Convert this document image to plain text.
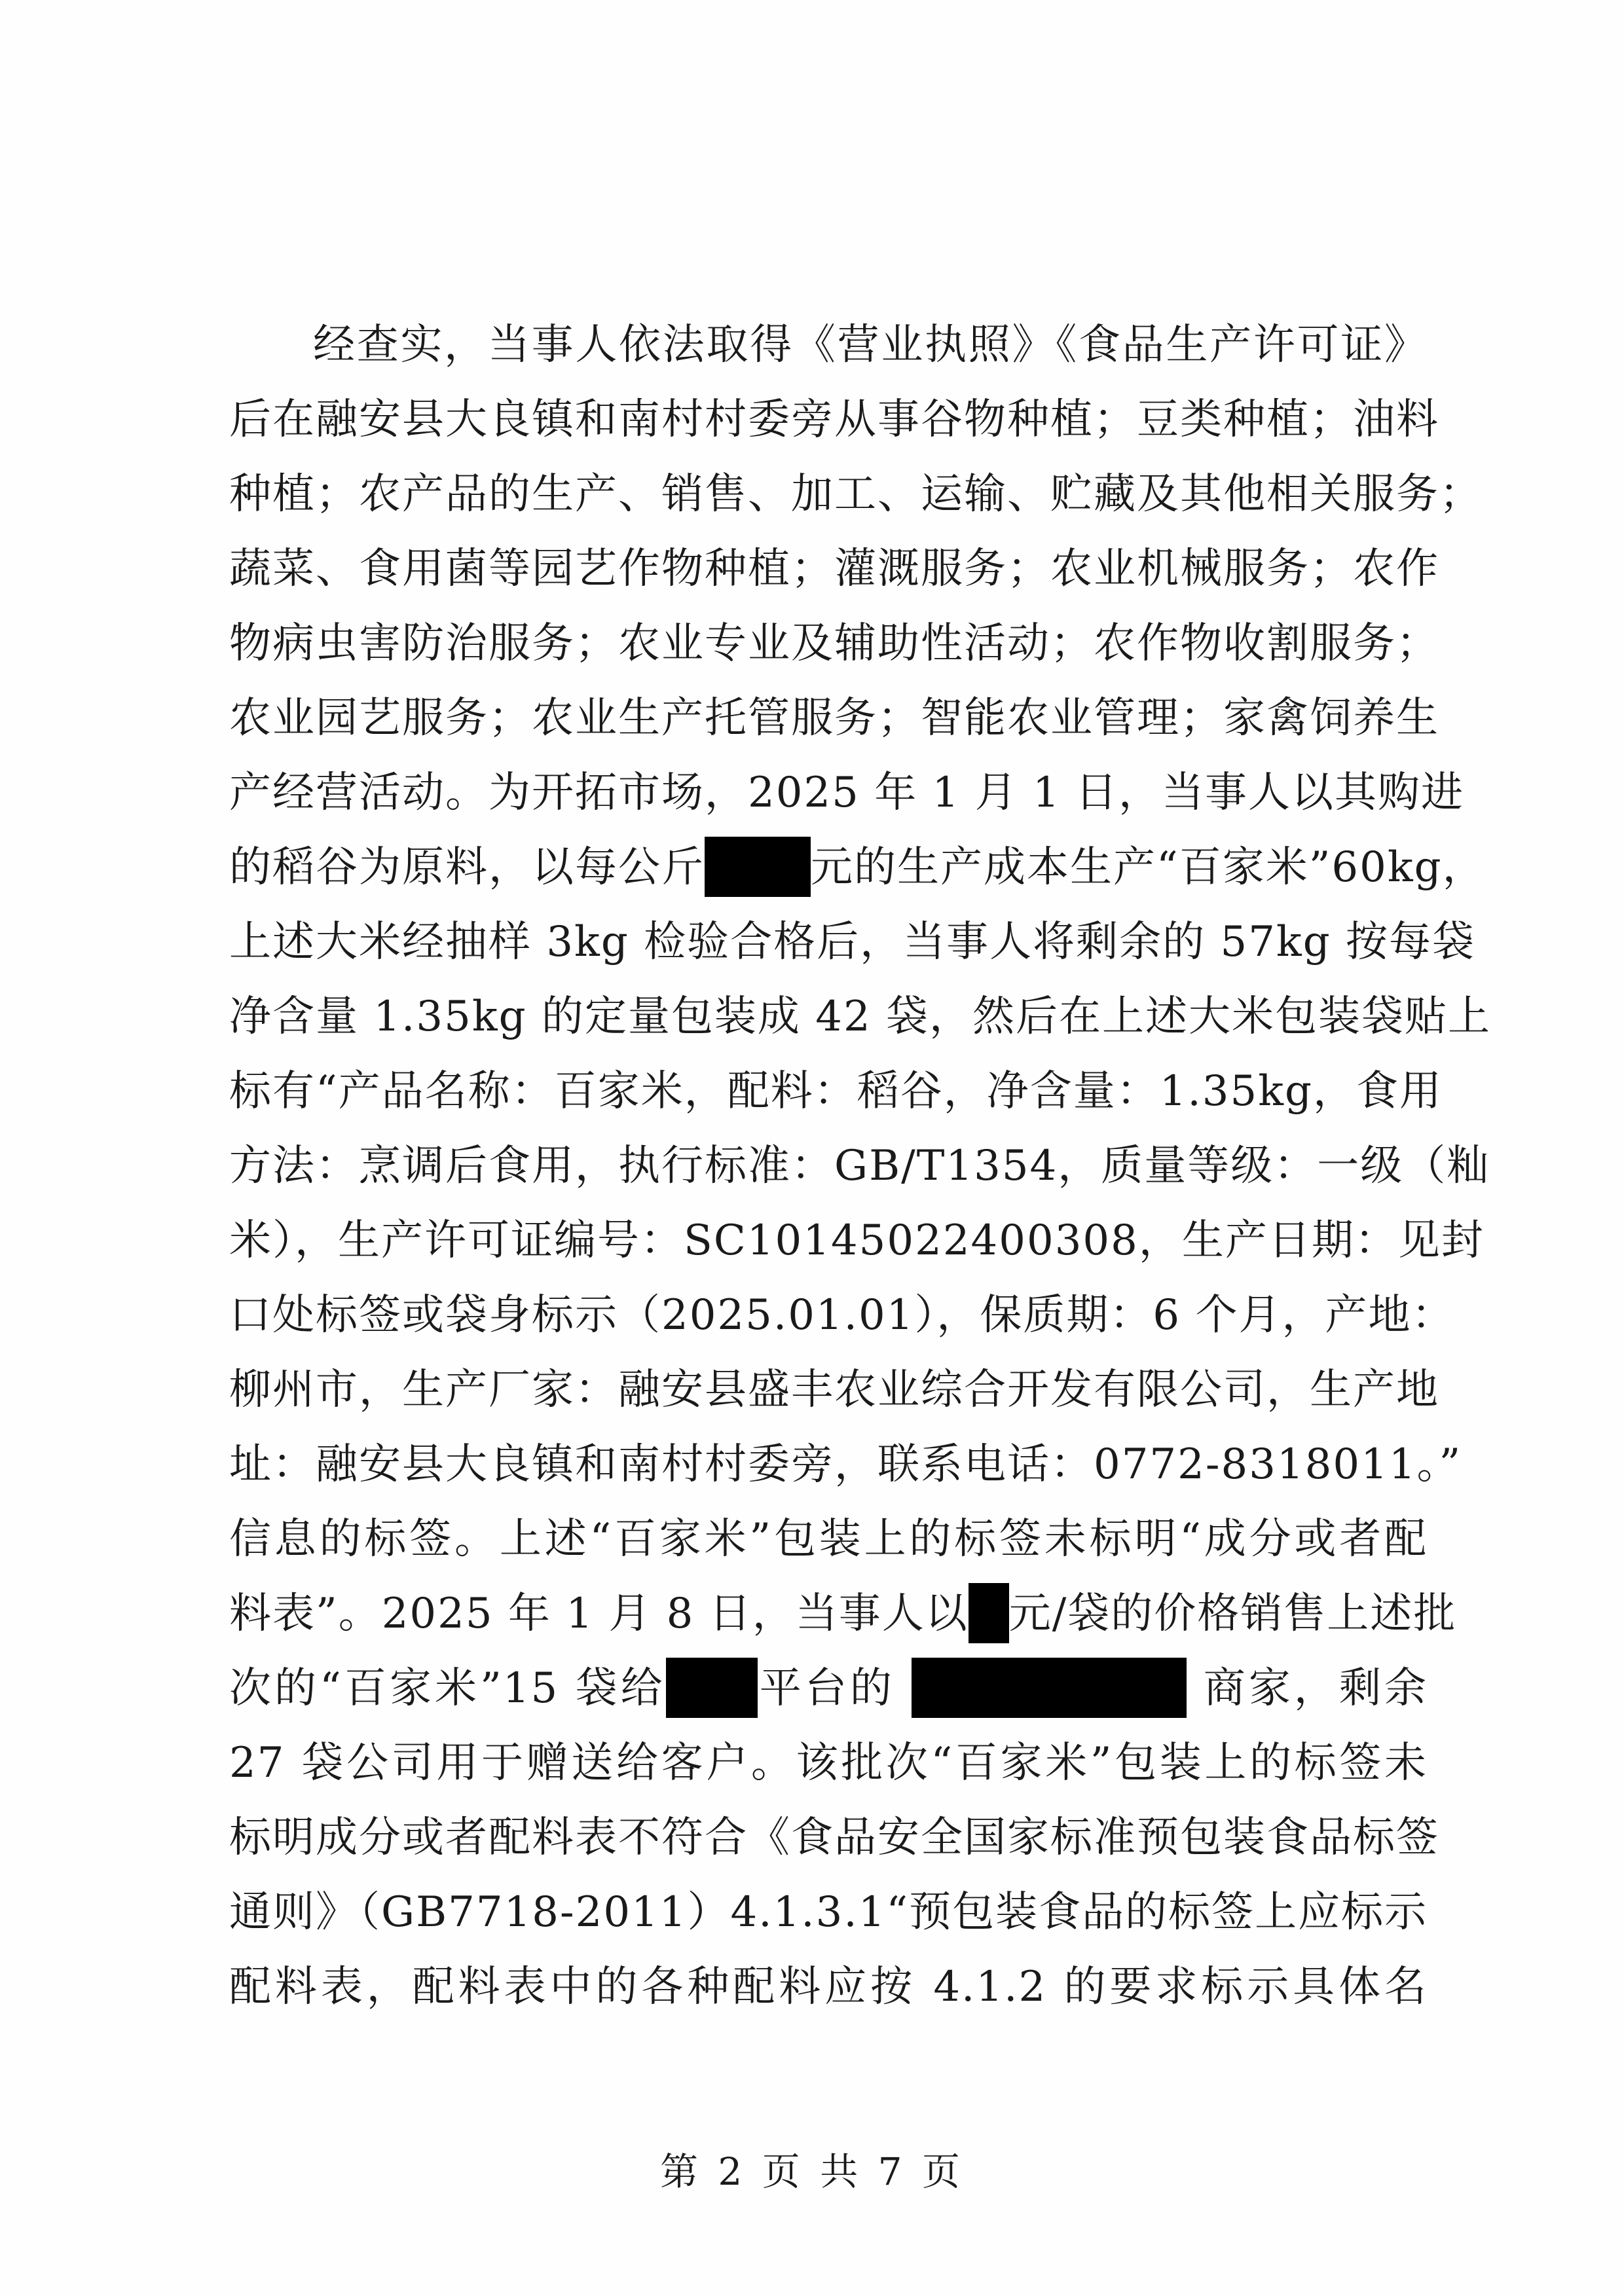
经查实，当事人依法取得《营业执照》《食品生产许可证》
后在融安县大良镇和南村村委旁从事谷物种植；豆类种植；油料
种植；农产品的生产、销售、加工、运输、贮藏及其他相关服务；
蔬菜、食用菌等园艺作物种植；灌溉服务；农业机械服务；农作
物病虫害防治服务；农业专业及辅助性活动；农作物收割服务；
农业园艺服务；农业生产托管服务；智能农业管理；家禽饲养生
产经营活动。为开拓市场，2025 年 1 月 1 日，当事人以其购进
的稻谷为原料，以每公斤	元的生产成本生产“百家米”60kg，
上述大米经抽样 3kg 检验合格后，当事人将剩余的 57kg 按每袋
净含量 1.35kg 的定量包装成 42 袋，然后在上述大米包装袋贴上
标有“产品名称：百家米，配料：稻谷，净含量：1.35kg，食用
方法：烹调后食用，执行标准：GB/T1354，质量等级：一级（籼
米），生产许可证编号：SC10145022400308，生产日期：见封
口处标签或袋身标示（2025.01.01），保质期：6 个月，产地：
柳州市，生产厂家：融安县盛丰农业综合开发有限公司，生产地
址：融安县大良镇和南村村委旁，联系电话：0772-8318011。”
信息的标签。上述“百家米”包装上的标签未标明“成分或者配
料表”。2025 年 1 月 8 日，当事人以 元/袋的价格销售上述批
次的“百家米”15 袋给 平台的	商家，剩余
27 袋公司用于赠送给客户。该批次“百家米”包装上的标签未
标明成分或者配料表不符合《食品安全国家标准预包装食品标签
通则》（GB7718-2011）4.1.3.1“预包装食品的标签上应标示
配料表，配料表中的各种配料应按 4.1.2 的要求标示具体名
第 2 页 共 7 页
